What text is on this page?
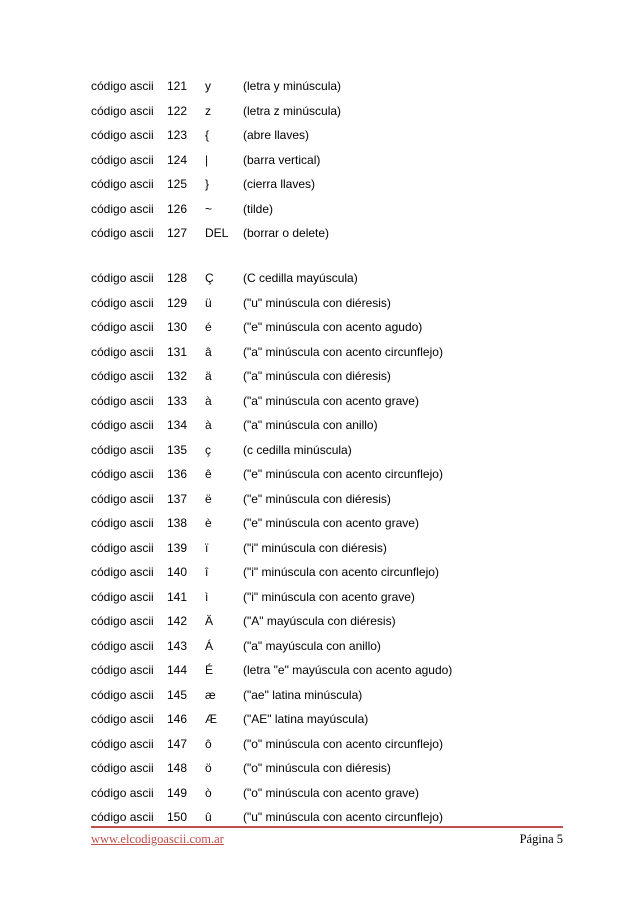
código ascii 121 y	(letra y minúscula)
código ascii 122 z	(letra z minúscula)
código ascii 123 {	(abre llaves)
código ascii 124 |	(barra vertical)
código ascii 125 }	(cierra llaves)
código ascii 126 ~	(tilde)
código ascii 127 DEL (borrar o delete)
código ascii 128 Ç (C cedilla mayúscula)
código ascii 129 ü	("u" minúscula con diéresis)
código ascii 130 é	("e" minúscula con acento agudo)
código ascii 131 â	("a" minúscula con acento circunflejo)
código ascii 132 ä	("a" minúscula con diéresis)
código ascii 133 à	("a" minúscula con acento grave)
código ascii 134 à	("a" minúscula con anillo)
código ascii 135 ç	(c cedilla minúscula)
código ascii 136 ê	("e" minúscula con acento circunflejo)
código ascii 137 ë	("e" minúscula con diéresis)
código ascii 138 è	("e" minúscula con acento grave)
código ascii 139 ï	("i" minúscula con diéresis)
código ascii 140 î	("i" minúscula con acento circunflejo)
código ascii 141 ì	("i" minúscula con acento grave)
código ascii 142 Ä ("A" mayúscula con diéresis)
código ascii 143 Á ("a" mayúscula con anillo)
código ascii 144 É (letra "e" mayúscula con acento agudo)
código ascii 145 æ ("ae" latina minúscula)
código ascii 146 Æ ("AE" latina mayúscula)
código ascii 147 ô	("o" minúscula con acento circunflejo)
código ascii 148 ö	("o" minúscula con diéresis)
código ascii 149 ò	("o" minúscula con acento grave)
código ascii 150 û	("u" minúscula con acento circunflejo)
www.elcodigoascii.com.ar	Página 5
